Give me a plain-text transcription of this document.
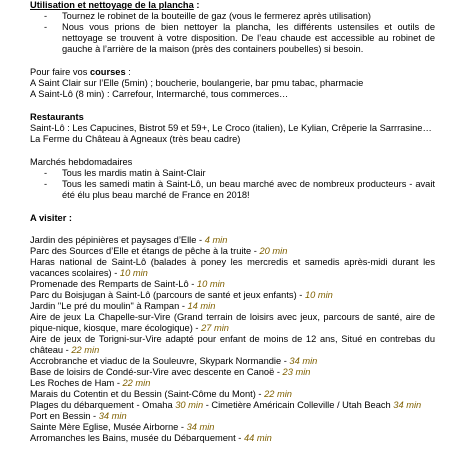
Utilisation et nettoyage de la plancha :

- Tournez le robinet de la bouteille de gaz (vous le fermerez après utilisation)
- Nous vous prions de bien nettoyer la plancha, les différents ustensiles et outils de nettoyage se trouvent à votre disposition. De l’eau chaude est accessible au robinet de gauche à l’arrière de la maison (près des containers poubelles) si besoin.

Pour faire vos courses :

A Saint Clair sur l’Elle (5min) ; boucherie, boulangerie, bar pmu tabac, pharmacie

A Saint-Lô (8 min) : Carrefour, Intermarché, tous commerces…

Restaurants

Saint-Lô : Les Capucines, Bistrot 59 et 59+, Le Croco (italien), Le Kylian, Crêperie la Sarrrasine…

La Ferme du Château à Agneaux (très beau cadre)

Marchés hebdomadaires

- Tous les mardis matin à Saint-Clair
- Tous les samedi matin à Saint-Lô, un beau marché avec de nombreux producteurs - avait été élu plus beau marché de France en 2018!

A visiter :

Jardin des pépinières et paysages d’Elle - 4 min
Parc des Sources d’Elle et étangs de pêche à la truite - 20 min
Haras national de Saint-Lô (balades à poney les mercredis et samedis après-midi durant les vacances scolaires) - 10 min
Promenade des Remparts de Saint-Lô - 10 min
Parc du Boisjugan à Saint-Lô (parcours de santé et jeux enfants) - 10 min
Jardin "Le pré du moulin" à Rampan - 14 min
Aire de jeux La Chapelle-sur-Vire (Grand terrain de loisirs avec jeux, parcours de santé, aire de pique-nique, kiosque, mare écologique) - 27 min
Aire de jeux de Torigni-sur-Vire adapté pour enfant de moins de 12 ans, Situé en contrebas du château - 22 min
Accrobranche et viaduc de la Souleuvre, Skypark Normandie - 34 min
Base de loisirs de Condé-sur-Vire avec descente en Canoë - 23 min
Les Roches de Ham - 22 min
Marais du Cotentin et du Bessin (Saint-Côme du Mont) - 22 min
Plages du débarquement - Omaha 30 min - Cimetière Américain Colleville / Utah Beach 34 min
Port en Bessin - 34 min
Sainte Mère Eglise, Musée Airborne - 34 min
Arromanches les Bains, musée du Débarquement - 44 min
